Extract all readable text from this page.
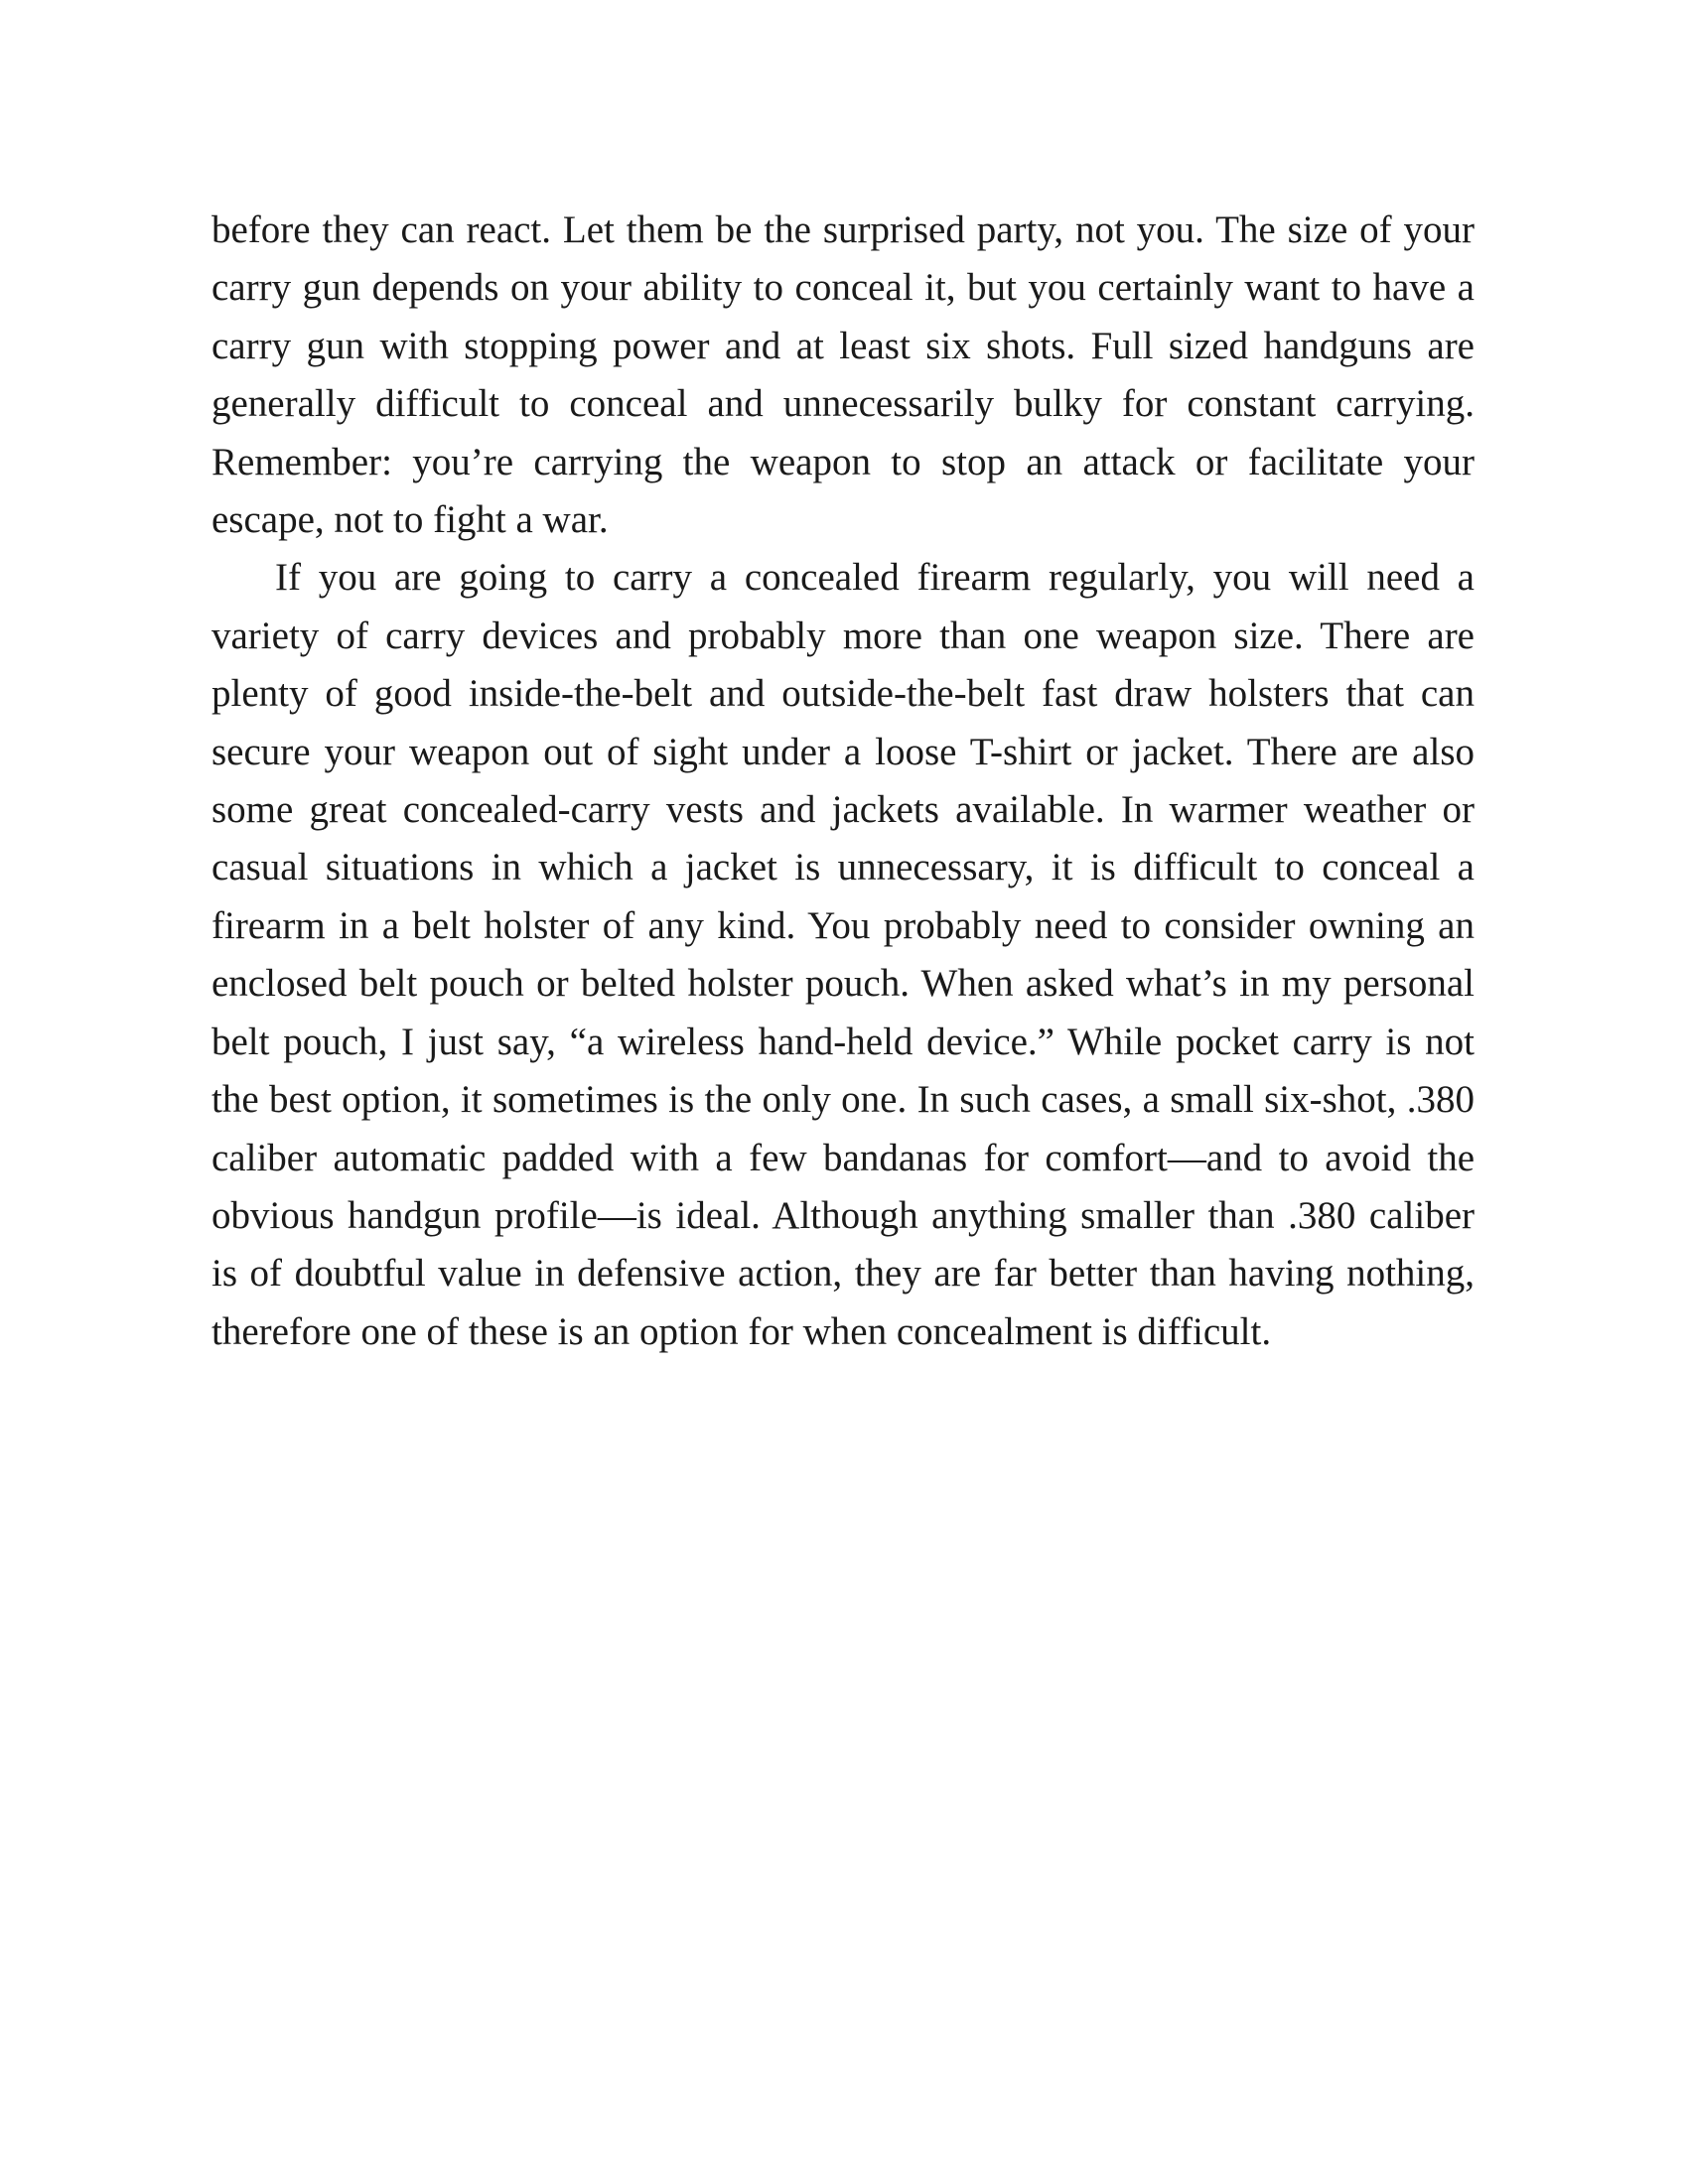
before they can react. Let them be the surprised party, not you. The size of your carry gun depends on your ability to conceal it, but you certainly want to have a carry gun with stopping power and at least six shots. Full sized handguns are generally difficult to conceal and unnecessarily bulky for constant carrying. Remember: you’re carrying the weapon to stop an attack or facilitate your escape, not to fight a war.

If you are going to carry a concealed firearm regularly, you will need a variety of carry devices and probably more than one weapon size. There are plenty of good inside-the-belt and outside-the-belt fast draw holsters that can secure your weapon out of sight under a loose T-shirt or jacket. There are also some great concealed-carry vests and jackets available. In warmer weather or casual situations in which a jacket is unnecessary, it is difficult to conceal a firearm in a belt holster of any kind. You probably need to consider owning an enclosed belt pouch or belted holster pouch. When asked what’s in my personal belt pouch, I just say, “a wireless hand-held device.” While pocket carry is not the best option, it sometimes is the only one. In such cases, a small six-shot, .380 caliber automatic padded with a few bandanas for comfort—and to avoid the obvious handgun profile—is ideal. Although anything smaller than .380 caliber is of doubtful value in defensive action, they are far better than having nothing, therefore one of these is an option for when concealment is difficult.
